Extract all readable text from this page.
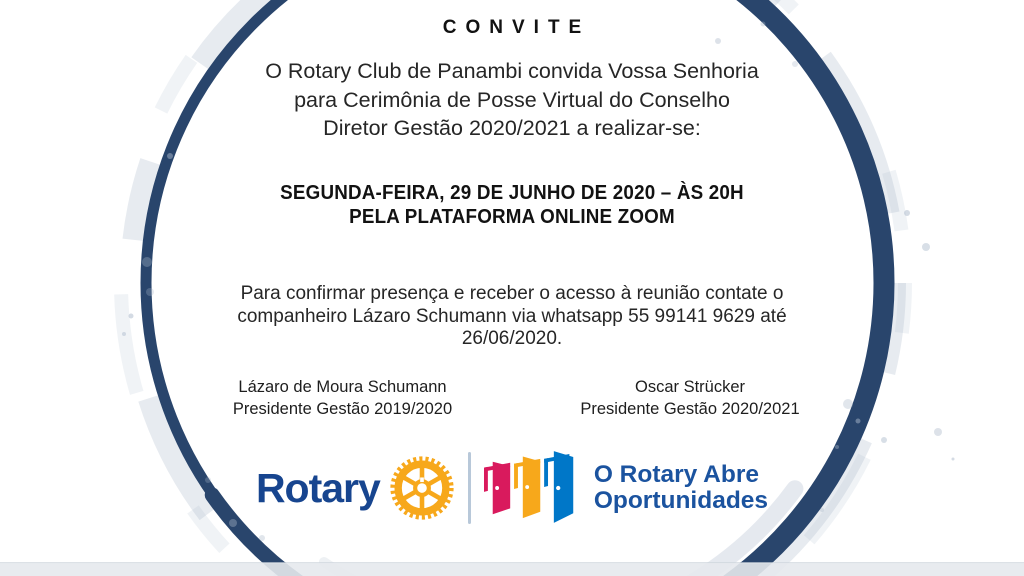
CONVITE
O Rotary Club de Panambi convida Vossa Senhoria
para Cerimônia de Posse Virtual do Conselho
Diretor Gestão 2020/2021 a realizar-se:
SEGUNDA-FEIRA, 29 DE JUNHO DE 2020 – ÀS 20H
PELA PLATAFORMA ONLINE ZOOM
Para confirmar presença e receber o acesso à reunião contate o
companheiro Lázaro Schumann via whatsapp 55 99141 9629 até
26/06/2020.
Lázaro de Moura Schumann
Presidente Gestão 2019/2020
Oscar Strücker
Presidente Gestão 2020/2021
Rotary	O Rotary Abre
Oportunidades
